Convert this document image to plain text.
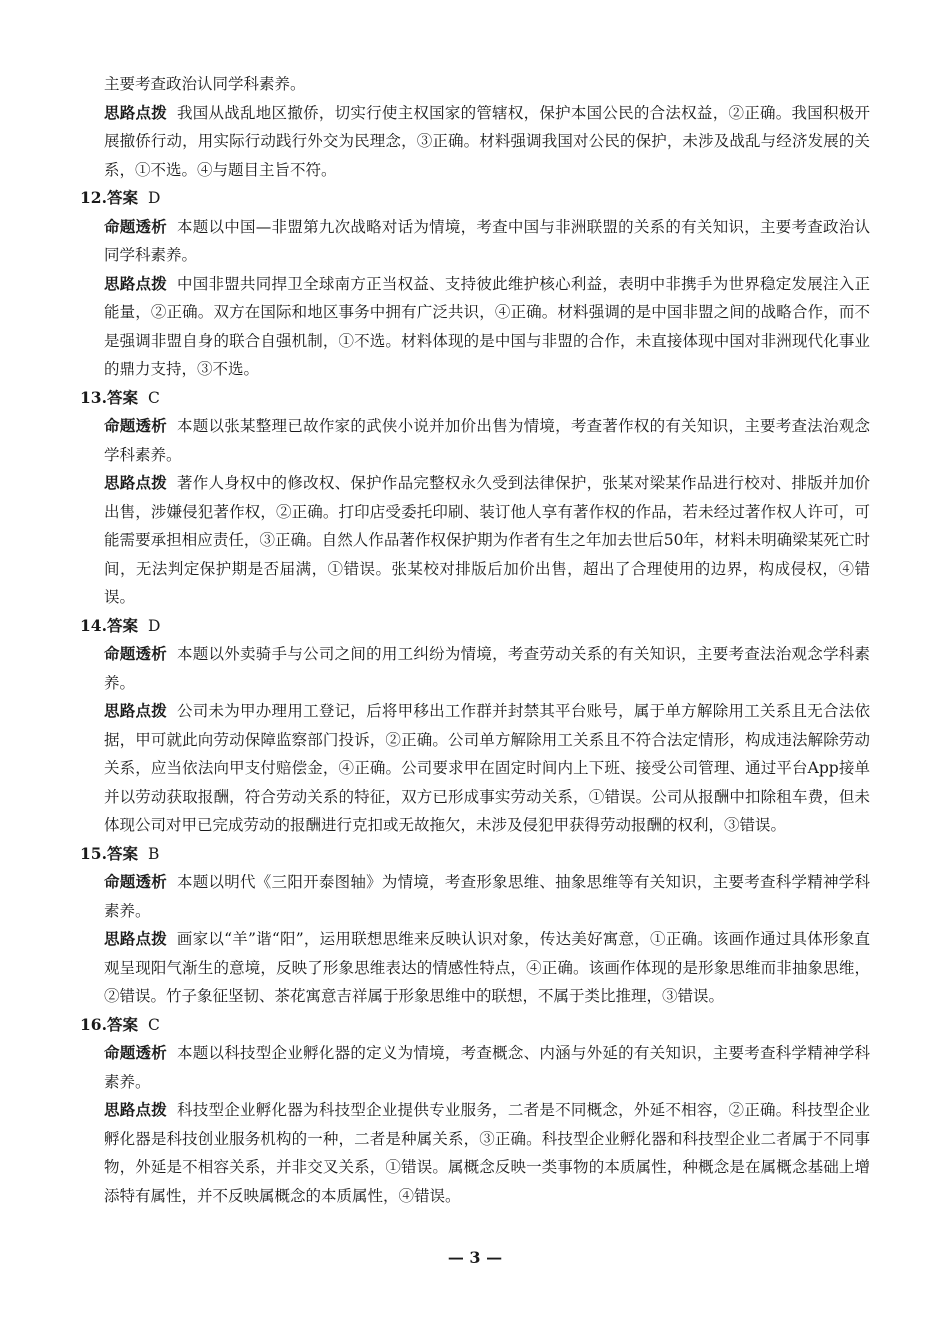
主要考查政治认同学科素养。

思路点拨 我国从战乱地区撤侨，切实行使主权国家的管辖权，保护本国公民的合法权益，②正确。我国积极开展撤侨行动，用实际行动践行外交为民理念，③正确。材料强调我国对公民的保护，未涉及战乱与经济发展的关系，①不选。④与题目主旨不符。

12.答案 D

命题透析 本题以中国—非盟第九次战略对话为情境，考查中国与非洲联盟的关系的有关知识，主要考查政治认同学科素养。

思路点拨 中国非盟共同捍卫全球南方正当权益、支持彼此维护核心利益，表明中非携手为世界稳定发展注入正能量，②正确。双方在国际和地区事务中拥有广泛共识，④正确。材料强调的是中国非盟之间的战略合作，而不是强调非盟自身的联合自强机制，①不选。材料体现的是中国与非盟的合作，未直接体现中国对非洲现代化事业的鼎力支持，③不选。

13.答案 C

命题透析 本题以张某整理已故作家的武侠小说并加价出售为情境，考查著作权的有关知识，主要考查法治观念学科素养。

思路点拨 著作人身权中的修改权、保护作品完整权永久受到法律保护，张某对梁某作品进行校对、排版并加价出售，涉嫌侵犯著作权，②正确。打印店受委托印刷、装订他人享有著作权的作品，若未经过著作权人许可，可能需要承担相应责任，③正确。自然人作品著作权保护期为作者有生之年加去世后50年，材料未明确梁某死亡时间，无法判定保护期是否届满，①错误。张某校对排版后加价出售，超出了合理使用的边界，构成侵权，④错误。

14.答案 D

命题透析 本题以外卖骑手与公司之间的用工纠纷为情境，考查劳动关系的有关知识，主要考查法治观念学科素养。

思路点拨 公司未为甲办理用工登记，后将甲移出工作群并封禁其平台账号，属于单方解除用工关系且无合法依据，甲可就此向劳动保障监察部门投诉，②正确。公司单方解除用工关系且不符合法定情形，构成违法解除劳动关系，应当依法向甲支付赔偿金，④正确。公司要求甲在固定时间内上下班、接受公司管理、通过平台App接单并以劳动获取报酬，符合劳动关系的特征，双方已形成事实劳动关系，①错误。公司从报酬中扣除租车费，但未体现公司对甲已完成劳动的报酬进行克扣或无故拖欠，未涉及侵犯甲获得劳动报酬的权利，③错误。

15.答案 B

命题透析 本题以明代《三阳开泰图轴》为情境，考查形象思维、抽象思维等有关知识，主要考查科学精神学科素养。

思路点拨 画家以“羊”谐“阳”，运用联想思维来反映认识对象，传达美好寓意，①正确。该画作通过具体形象直观呈现阳气渐生的意境，反映了形象思维表达的情感性特点，④正确。该画作体现的是形象思维而非抽象思维，②错误。竹子象征坚韧、茶花寓意吉祥属于形象思维中的联想，不属于类比推理，③错误。

16.答案 C

命题透析 本题以科技型企业孵化器的定义为情境，考查概念、内涵与外延的有关知识，主要考查科学精神学科素养。

思路点拨 科技型企业孵化器为科技型企业提供专业服务，二者是不同概念，外延不相容，②正确。科技型企业孵化器是科技创业服务机构的一种，二者是种属关系，③正确。科技型企业孵化器和科技型企业二者属于不同事物，外延是不相容关系，并非交叉关系，①错误。属概念反映一类事物的本质属性，种概念是在属概念基础上增添特有属性，并不反映属概念的本质属性，④错误。

— 3 —
